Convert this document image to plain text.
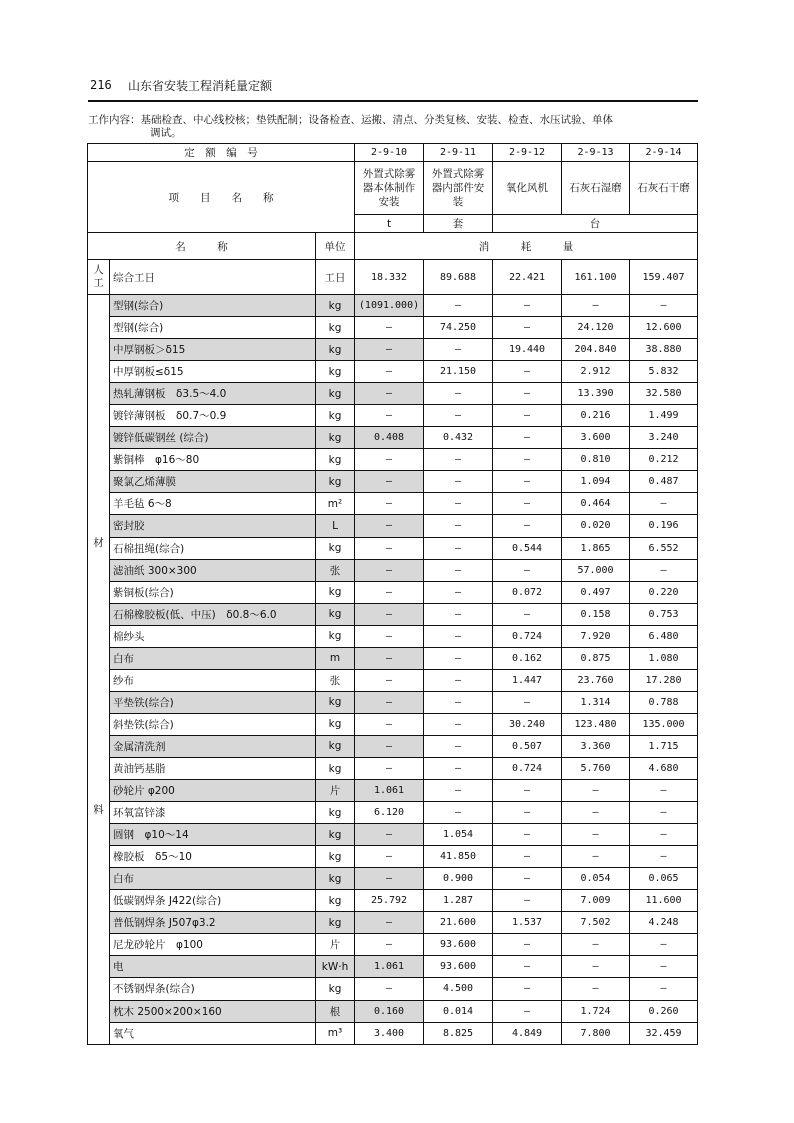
216 山东省安装工程消耗量定额
工作内容：基础检查、中心线校核；垫铁配制；设备检查、运搬、清点、分类复核、安装、检查、水压试验、单体
调试。
定　额　编　号			2-9-10	2-9-11	2-9-12	2-9-13	2-9-14
项　　目　　名　　称			外置式除雾器本体制作安装	外置式除雾器内部件安装	氧化风机	石灰石湿磨	石灰石干磨
			t	套	台		
名　　　称		单位	消　　　耗　　　量				
人工	综合工日	工日	18.332	89.688	22.421	161.100	159.407

材
料	型钢(综合)	kg	(1091.000)	—	—	—	—
	型钢(综合)	kg	—	74.250	—	24.120	12.600
	中厚钢板＞δ15	kg	—	—	19.440	204.840	38.880
	中厚钢板≤δ15	kg	—	21.150	—	2.912	5.832
	热轧薄钢板　δ3.5～4.0	kg	—	—	—	13.390	32.580
	镀锌薄钢板　δ0.7～0.9	kg	—	—	—	0.216	1.499
	镀锌低碳钢丝 (综合)	kg	0.408	0.432	—	3.600	3.240
	紫铜棒　φ16～80	kg	—	—	—	0.810	0.212
	聚氯乙烯薄膜	kg	—	—	—	1.094	0.487
	羊毛毡 6～8	m²	—	—	—	0.464	—
	密封胶	L	—	—	—	0.020	0.196
	石棉扭绳(综合)	kg	—	—	0.544	1.865	6.552
	滤油纸 300×300	张	—	—	—	57.000	—
	紫铜板(综合)	kg	—	—	0.072	0.497	0.220
	石棉橡胶板(低、中压)　δ0.8～6.0	kg	—	—	—	0.158	0.753
	棉纱头	kg	—	—	0.724	7.920	6.480
	白布	m	—	—	0.162	0.875	1.080
	纱布	张	—	—	1.447	23.760	17.280
	平垫铁(综合)	kg	—	—	—	1.314	0.788
	斜垫铁(综合)	kg	—	—	30.240	123.480	135.000
	金属清洗剂	kg	—	—	0.507	3.360	1.715
	黄油钙基脂	kg	—	—	0.724	5.760	4.680
	砂轮片 φ200	片	1.061	—	—	—	—
	环氧富锌漆	kg	6.120	—	—	—	—
	圆钢　φ10～14	kg	—	1.054	—	—	—
	橡胶板　δ5～10	kg	—	41.850	—	—	—
	白布	kg	—	0.900	—	0.054	0.065
	低碳钢焊条 J422(综合)	kg	25.792	1.287	—	7.009	11.600
	普低钢焊条 J507φ3.2	kg	—	21.600	1.537	7.502	4.248
	尼龙砂轮片　φ100	片	—	93.600	—	—	—
	电	kW·h	1.061	93.600	—	—	—
	不锈钢焊条(综合)	kg	—	4.500	—	—	—
	枕木 2500×200×160	根	0.160	0.014	—	1.724	0.260
	氧气	m³	3.400	8.825	4.849	7.800	32.459
